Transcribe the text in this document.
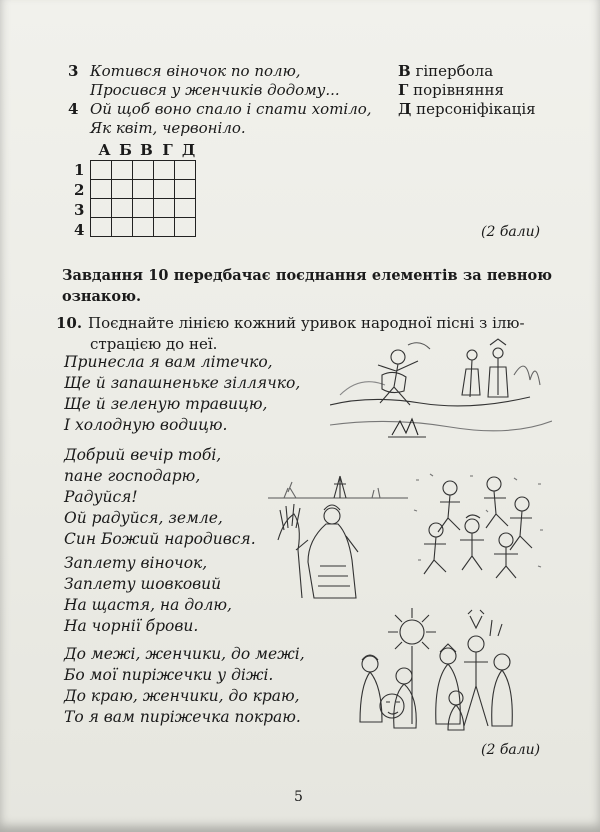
3 Котився віночок по полю,
Просився у женчиків додому...
4 Ой щоб воно спало і спати хотіло,
Як квіт, червоніло.
В гіпербола
Г порівняння
Д персоніфікація
А Б В Г Д
1
2
3
4

					(2 бали)
Завдання 10 передбачає поєднання елементів за певною ознакою.
10. Поєднайте лінією кожний уривок народної пісні з ілю-
страцією до неї.
Принесла я вам літечко,
Ще й запашненьке зіллячко,
Ще й зеленую травицю,
І холодную водицю.
Добрий вечір тобі,
пане господарю,
Радуйся!
Ой радуйся, земле,
Син Божий народився.
Заплету віночок,
Заплету шовковий
На щастя, на долю,
На чорнії брови.
До межі, женчики, до межі,
Бо мої пиріжечки у діжі.
До краю, женчики, до краю,
То я вам пиріжечка покраю.
(2 бали)
5
